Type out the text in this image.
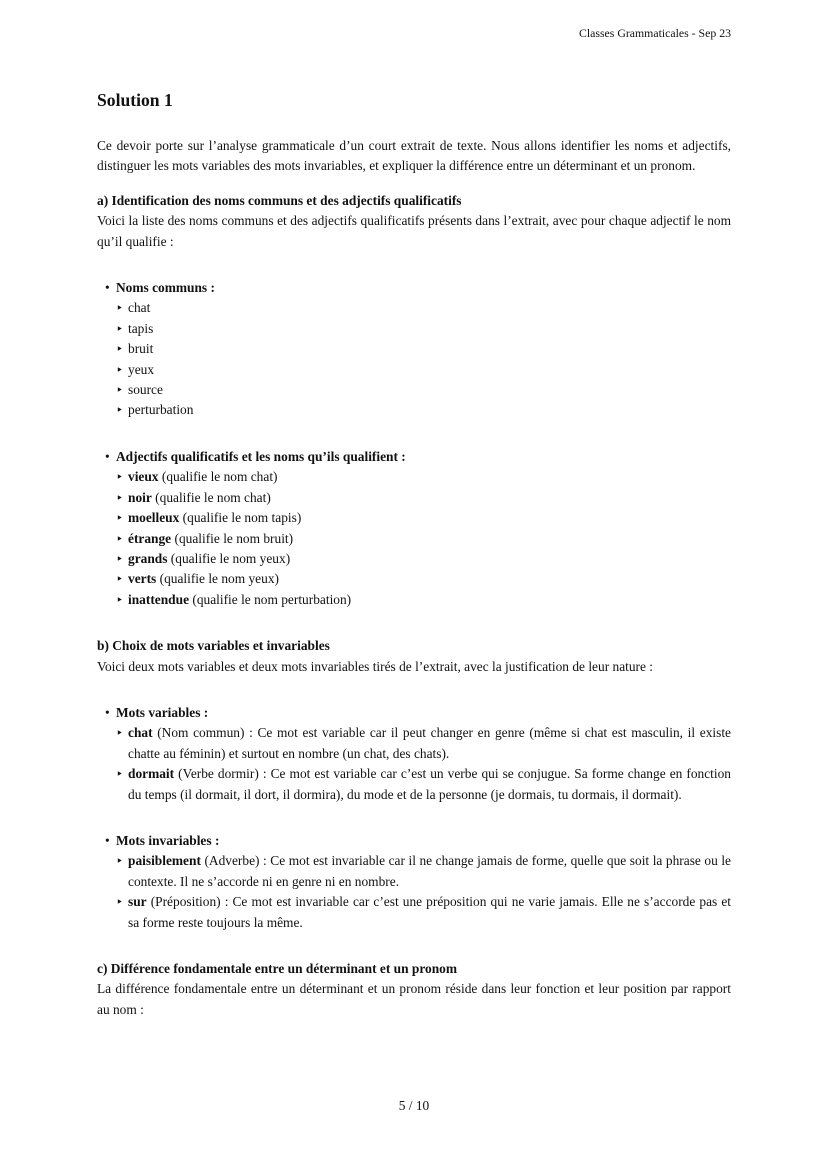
Classes Grammaticales - Sep 23
Solution 1

Ce devoir porte sur l’analyse grammaticale d’un court extrait de texte. Nous allons identifier les noms et adjectifs, distinguer les mots variables des mots invariables, et expliquer la différence entre un déterminant et un pronom.

a) Identification des noms communs et des adjectifs qualificatifs

Voici la liste des noms communs et des adjectifs qualificatifs présents dans l’extrait, avec pour chaque adjectif le nom qu’il qualifie :

• Noms communs :
‣ chat
‣ tapis
‣ bruit
‣ yeux
‣ source
‣ perturbation
• Adjectifs qualificatifs et les noms qu’ils qualifient :
‣ vieux (qualifie le nom chat)
‣ noir (qualifie le nom chat)
‣ moelleux (qualifie le nom tapis)
‣ étrange (qualifie le nom bruit)
‣ grands (qualifie le nom yeux)
‣ verts (qualifie le nom yeux)
‣ inattendue (qualifie le nom perturbation)
b) Choix de mots variables et invariables

Voici deux mots variables et deux mots invariables tirés de l’extrait, avec la justification de leur nature :

• Mots variables :
‣ chat (Nom commun) : Ce mot est variable car il peut changer en genre (même si chat est masculin, il existe chatte au féminin) et surtout en nombre (un chat, des chats).
‣ dormait (Verbe dormir) : Ce mot est variable car c’est un verbe qui se conjugue. Sa forme change en fonction du temps (il dormait, il dort, il dormira), du mode et de la personne (je dormais, tu dormais, il dormait).
• Mots invariables :
‣ paisiblement (Adverbe) : Ce mot est invariable car il ne change jamais de forme, quelle que soit la phrase ou le contexte. Il ne s’accorde ni en genre ni en nombre.
‣ sur (Préposition) : Ce mot est invariable car c’est une préposition qui ne varie jamais. Elle ne s’accorde pas et sa forme reste toujours la même.
c) Différence fondamentale entre un déterminant et un pronom

La différence fondamentale entre un déterminant et un pronom réside dans leur fonction et leur position par rapport au nom :

5 / 10
